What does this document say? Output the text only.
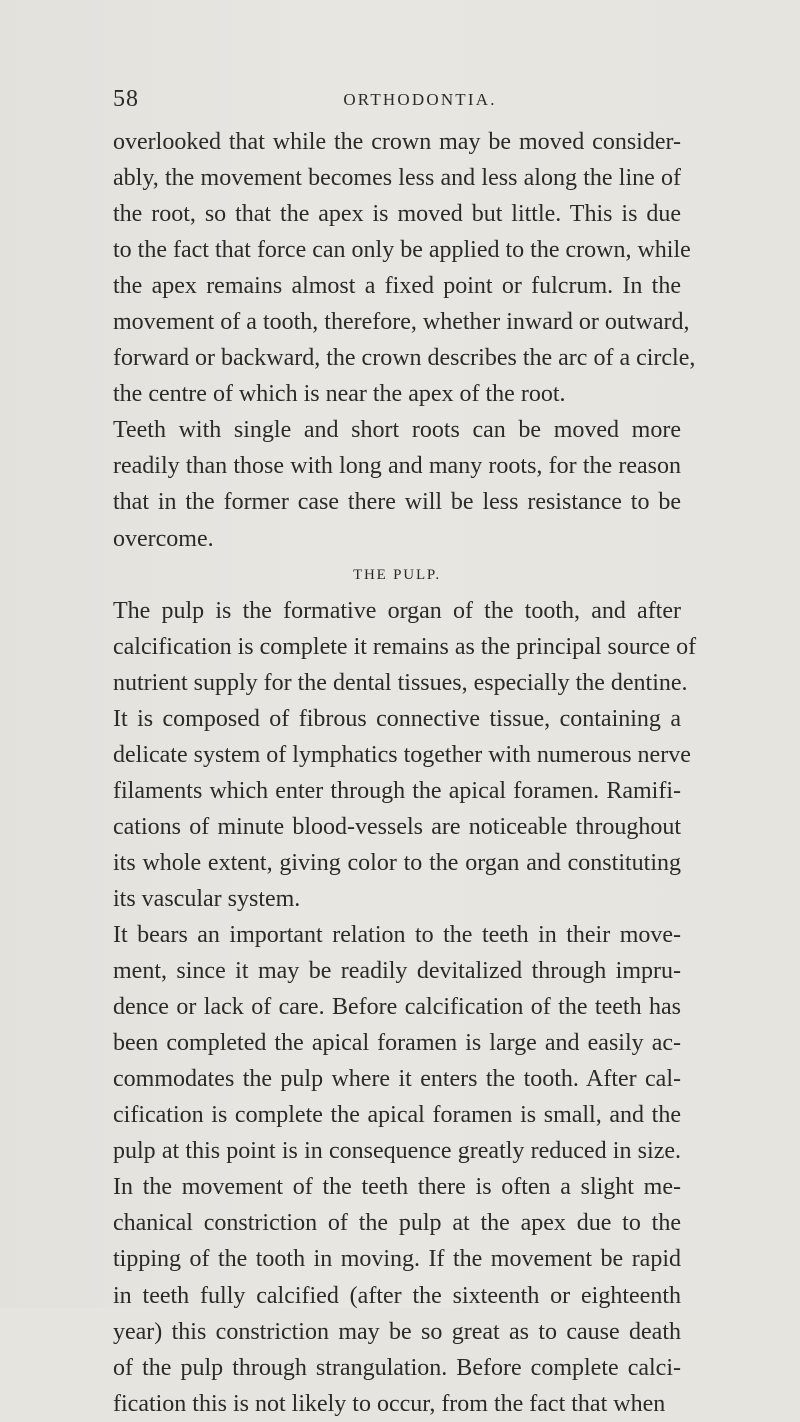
58	ORTHODONTIA.
overlooked that while the crown may be moved consider-
ably, the movement becomes less and less along the line of
the root, so that the apex is moved but little. This is due
to the fact that force can only be applied to the crown, while
the apex remains almost a fixed point or fulcrum. In the
movement of a tooth, therefore, whether inward or outward,
forward or backward, the crown describes the arc of a circle,
the centre of which is near the apex of the root.
Teeth with single and short roots can be moved more
readily than those with long and many roots, for the reason
that in the former case there will be less resistance to be
overcome.
THE PULP.
The pulp is the formative organ of the tooth, and after
calcification is complete it remains as the principal source of
nutrient supply for the dental tissues, especially the dentine.
It is composed of fibrous connective tissue, containing a
delicate system of lymphatics together with numerous nerve
filaments which enter through the apical foramen. Ramifi-
cations of minute blood-vessels are noticeable throughout
its whole extent, giving color to the organ and constituting
its vascular system.
It bears an important relation to the teeth in their move-
ment, since it may be readily devitalized through impru-
dence or lack of care. Before calcification of the teeth has
been completed the apical foramen is large and easily ac-
commodates the pulp where it enters the tooth. After cal-
cification is complete the apical foramen is small, and the
pulp at this point is in consequence greatly reduced in size.
In the movement of the teeth there is often a slight me-
chanical constriction of the pulp at the apex due to the
tipping of the tooth in moving. If the movement be rapid
in teeth fully calcified (after the sixteenth or eighteenth
year) this constriction may be so great as to cause death
of the pulp through strangulation. Before complete calci-
fication this is not likely to occur, from the fact that when
